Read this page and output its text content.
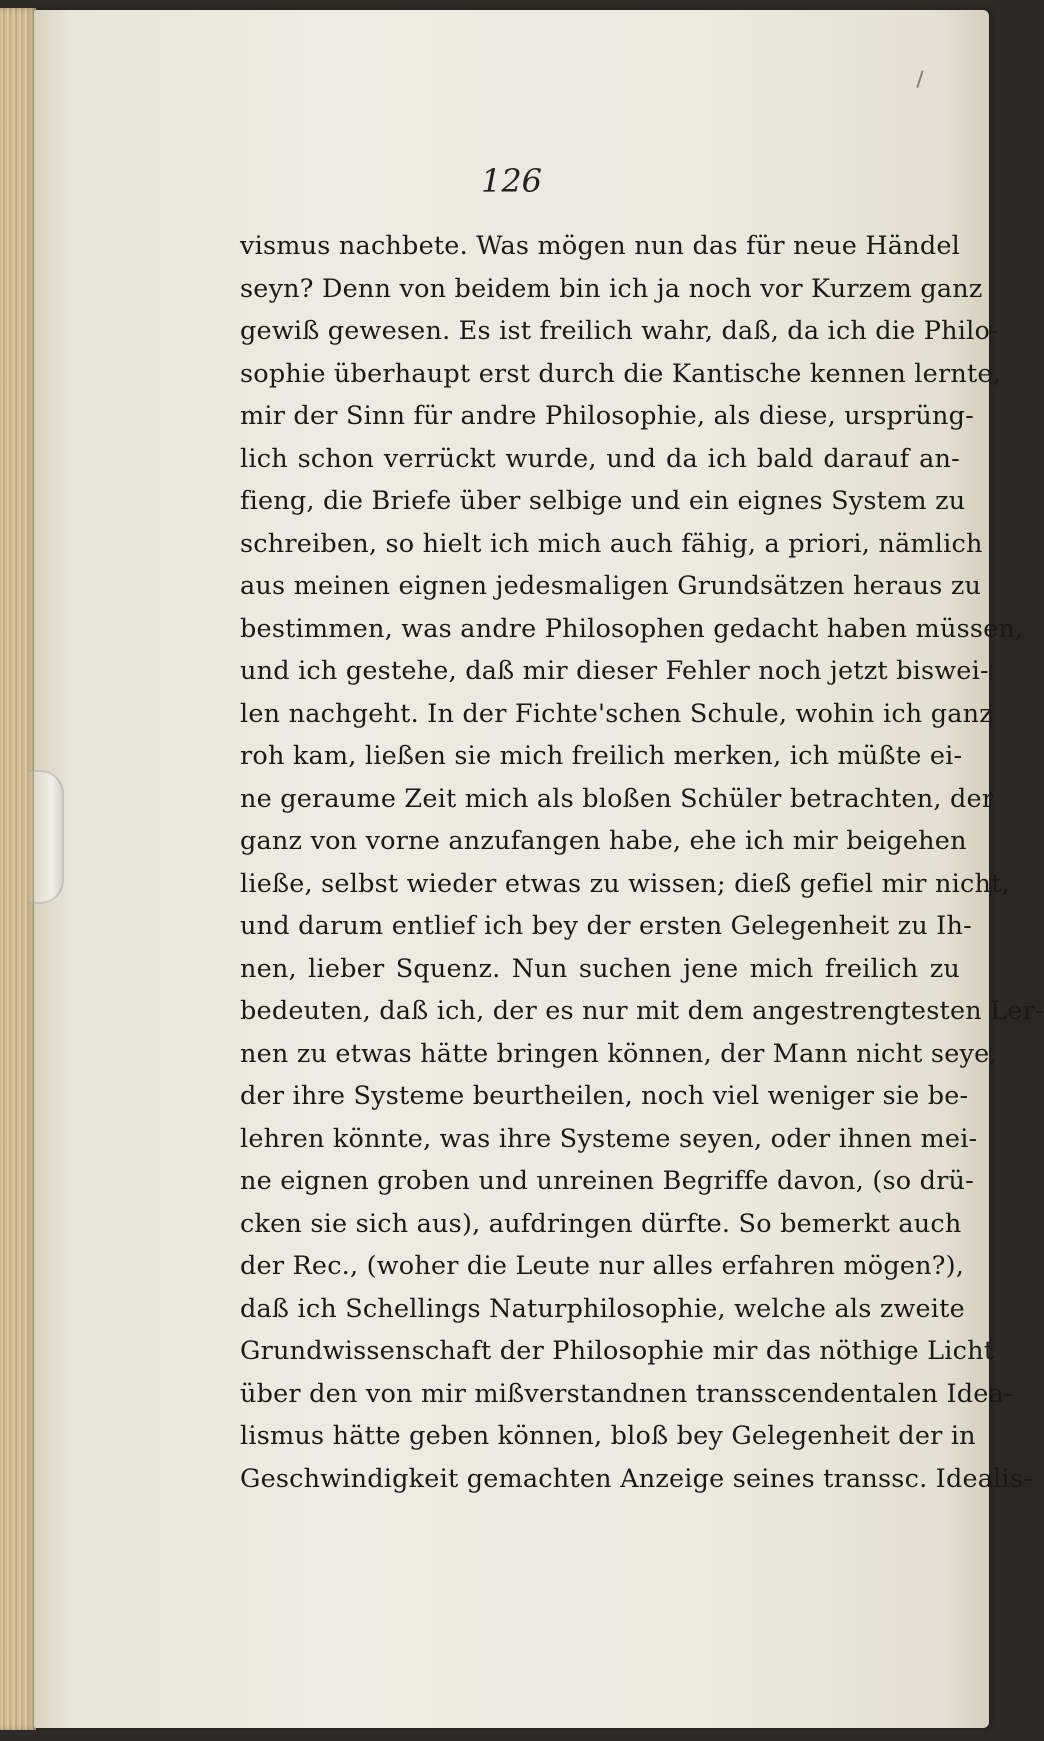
126
vismus nachbete. Was mögen nun das für neue Händel
seyn? Denn von beidem bin ich ja noch vor Kurzem ganz
gewiß gewesen. Es ist freilich wahr, daß, da ich die Philo-
sophie überhaupt erst durch die Kantische kennen lernte,
mir der Sinn für andre Philosophie, als diese, ursprüng-
lich schon verrückt wurde, und da ich bald darauf an-
fieng, die Briefe über selbige und ein eignes System zu
schreiben, so hielt ich mich auch fähig, a priori, nämlich
aus meinen eignen jedesmaligen Grundsätzen heraus zu
bestimmen, was andre Philosophen gedacht haben müssen,
und ich gestehe, daß mir dieser Fehler noch jetzt biswei-
len nachgeht. In der Fichte'schen Schule, wohin ich ganz
roh kam, ließen sie mich freilich merken, ich müßte ei-
ne geraume Zeit mich als bloßen Schüler betrachten, der
ganz von vorne anzufangen habe, ehe ich mir beigehen
ließe, selbst wieder etwas zu wissen; dieß gefiel mir nicht,
und darum entlief ich bey der ersten Gelegenheit zu Ih-
nen, lieber Squenz. Nun suchen jene mich freilich zu
bedeuten, daß ich, der es nur mit dem angestrengtesten Ler-
nen zu etwas hätte bringen können, der Mann nicht seye,
der ihre Systeme beurtheilen, noch viel weniger sie be-
lehren könnte, was ihre Systeme seyen, oder ihnen mei-
ne eignen groben und unreinen Begriffe davon, (so drü-
cken sie sich aus), aufdringen dürfte. So bemerkt auch
der Rec., (woher die Leute nur alles erfahren mögen?),
daß ich Schellings Naturphilosophie, welche als zweite
Grundwissenschaft der Philosophie mir das nöthige Licht
über den von mir mißverstandnen transscendentalen Idea-
lismus hätte geben können, bloß bey Gelegenheit der in
Geschwindigkeit gemachten Anzeige seines transsc. Idealis-
